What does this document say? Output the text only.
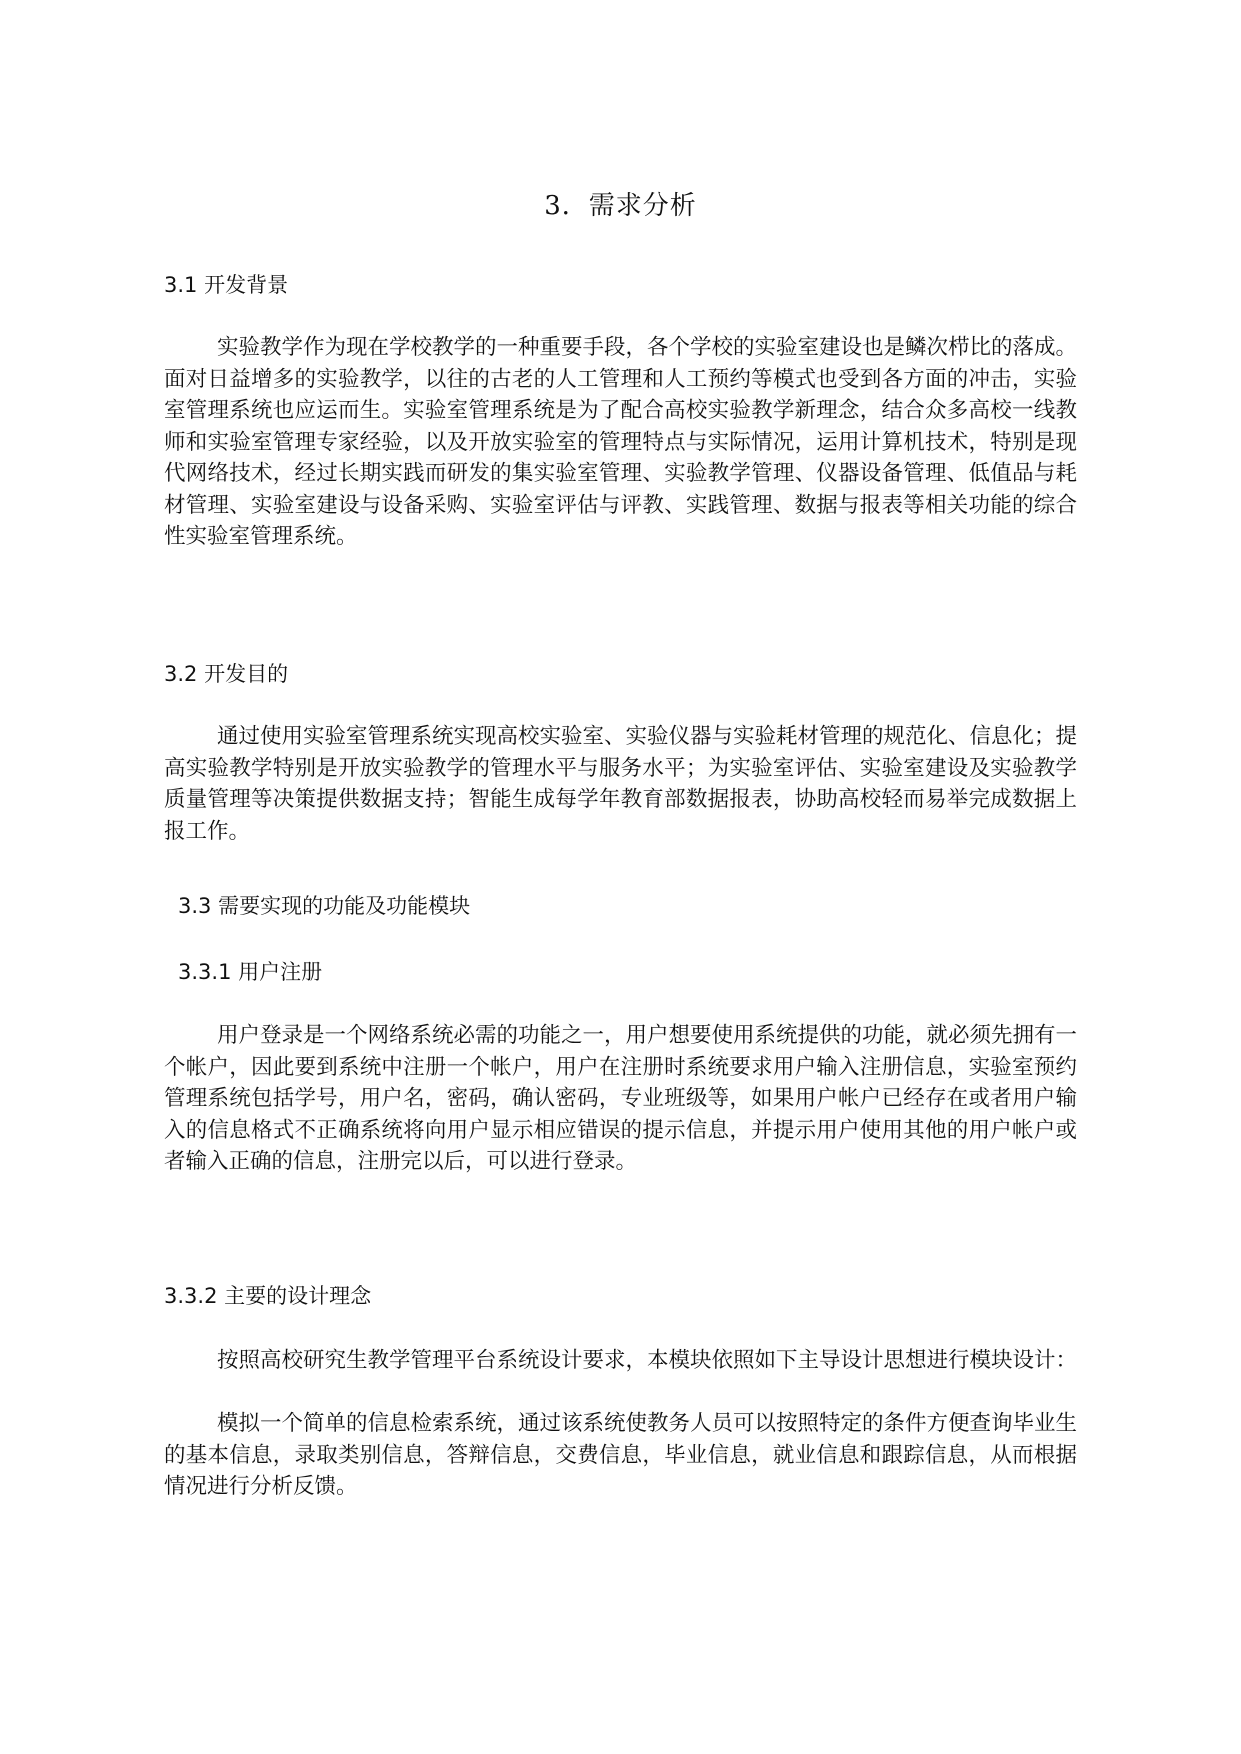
3．需求分析
3.1 开发背景

实验教学作为现在学校教学的一种重要手段，各个学校的实验室建设也是鳞次栉比的落成。面对日益增多的实验教学，以往的古老的人工管理和人工预约等模式也受到各方面的冲击，实验室管理系统也应运而生。实验室管理系统是为了配合高校实验教学新理念，结合众多高校一线教师和实验室管理专家经验，以及开放实验室的管理特点与实际情况，运用计算机技术，特别是现代网络技术，经过长期实践而研发的集实验室管理、实验教学管理、仪器设备管理、低值品与耗材管理、实验室建设与设备采购、实验室评估与评教、实践管理、数据与报表等相关功能的综合性实验室管理系统。

3.2 开发目的

通过使用实验室管理系统实现高校实验室、实验仪器与实验耗材管理的规范化、信息化；提高实验教学特别是开放实验教学的管理水平与服务水平；为实验室评估、实验室建设及实验教学质量管理等决策提供数据支持；智能生成每学年教育部数据报表，协助高校轻而易举完成数据上报工作。

3.3 需要实现的功能及功能模块
3.3.1 用户注册

用户登录是一个网络系统必需的功能之一，用户想要使用系统提供的功能，就必须先拥有一个帐户，因此要到系统中注册一个帐户，用户在注册时系统要求用户输入注册信息，实验室预约管理系统包括学号，用户名，密码，确认密码，专业班级等，如果用户帐户已经存在或者用户输入的信息格式不正确系统将向用户显示相应错误的提示信息，并提示用户使用其他的用户帐户或者输入正确的信息，注册完以后，可以进行登录。

3.3.2 主要的设计理念

按照高校研究生教学管理平台系统设计要求，本模块依照如下主导设计思想进行模块设计：

模拟一个简单的信息检索系统，通过该系统使教务人员可以按照特定的条件方便查询毕业生的基本信息，录取类别信息，答辩信息，交费信息，毕业信息，就业信息和跟踪信息，从而根据情况进行分析反馈。
